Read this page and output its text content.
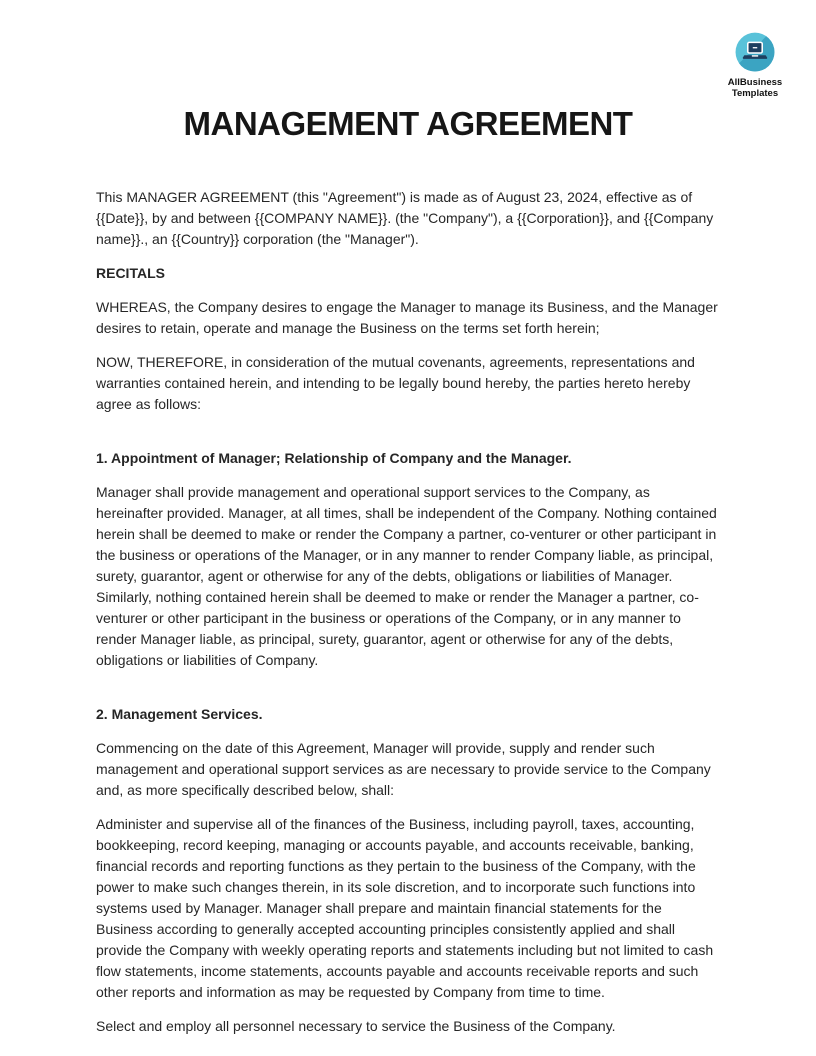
AllBusiness
Templates
MANAGEMENT AGREEMENT

This MANAGER AGREEMENT (this "Agreement") is made as of August 23, 2024, effective as of {{Date}}, by and between {{COMPANY NAME}}. (the "Company"), a {{Corporation}}, and {{Company name}}., an {{Country}} corporation (the "Manager").

RECITALS

WHEREAS, the Company desires to engage the Manager to manage its Business, and the Manager desires to retain, operate and manage the Business on the terms set forth herein;

NOW, THEREFORE, in consideration of the mutual covenants, agreements, representations and warranties contained herein, and intending to be legally bound hereby, the parties hereto hereby agree as follows:

1. Appointment of Manager; Relationship of Company and the Manager.

Manager shall provide management and operational support services to the Company, as hereinafter provided. Manager, at all times, shall be independent of the Company. Nothing contained herein shall be deemed to make or render the Company a partner, co-venturer or other participant in the business or operations of the Manager, or in any manner to render Company liable, as principal, surety, guarantor, agent or otherwise for any of the debts, obligations or liabilities of Manager. Similarly, nothing contained herein shall be deemed to make or render the Manager a partner, co-venturer or other participant in the business or operations of the Company, or in any manner to render Manager liable, as principal, surety, guarantor, agent or otherwise for any of the debts, obligations or liabilities of Company.

2. Management Services.

Commencing on the date of this Agreement, Manager will provide, supply and render such management and operational support services as are necessary to provide service to the Company and, as more specifically described below, shall:

Administer and supervise all of the finances of the Business, including payroll, taxes, accounting, bookkeeping, record keeping, managing or accounts payable, and accounts receivable, banking, financial records and reporting functions as they pertain to the business of the Company, with the power to make such changes therein, in its sole discretion, and to incorporate such functions into systems used by Manager. Manager shall prepare and maintain financial statements for the Business according to generally accepted accounting principles consistently applied and shall provide the Company with weekly operating reports and statements including but not limited to cash flow statements, income statements, accounts payable and accounts receivable reports and such other reports and information as may be requested by Company from time to time.

Select and employ all personnel necessary to service the Business of the Company.
